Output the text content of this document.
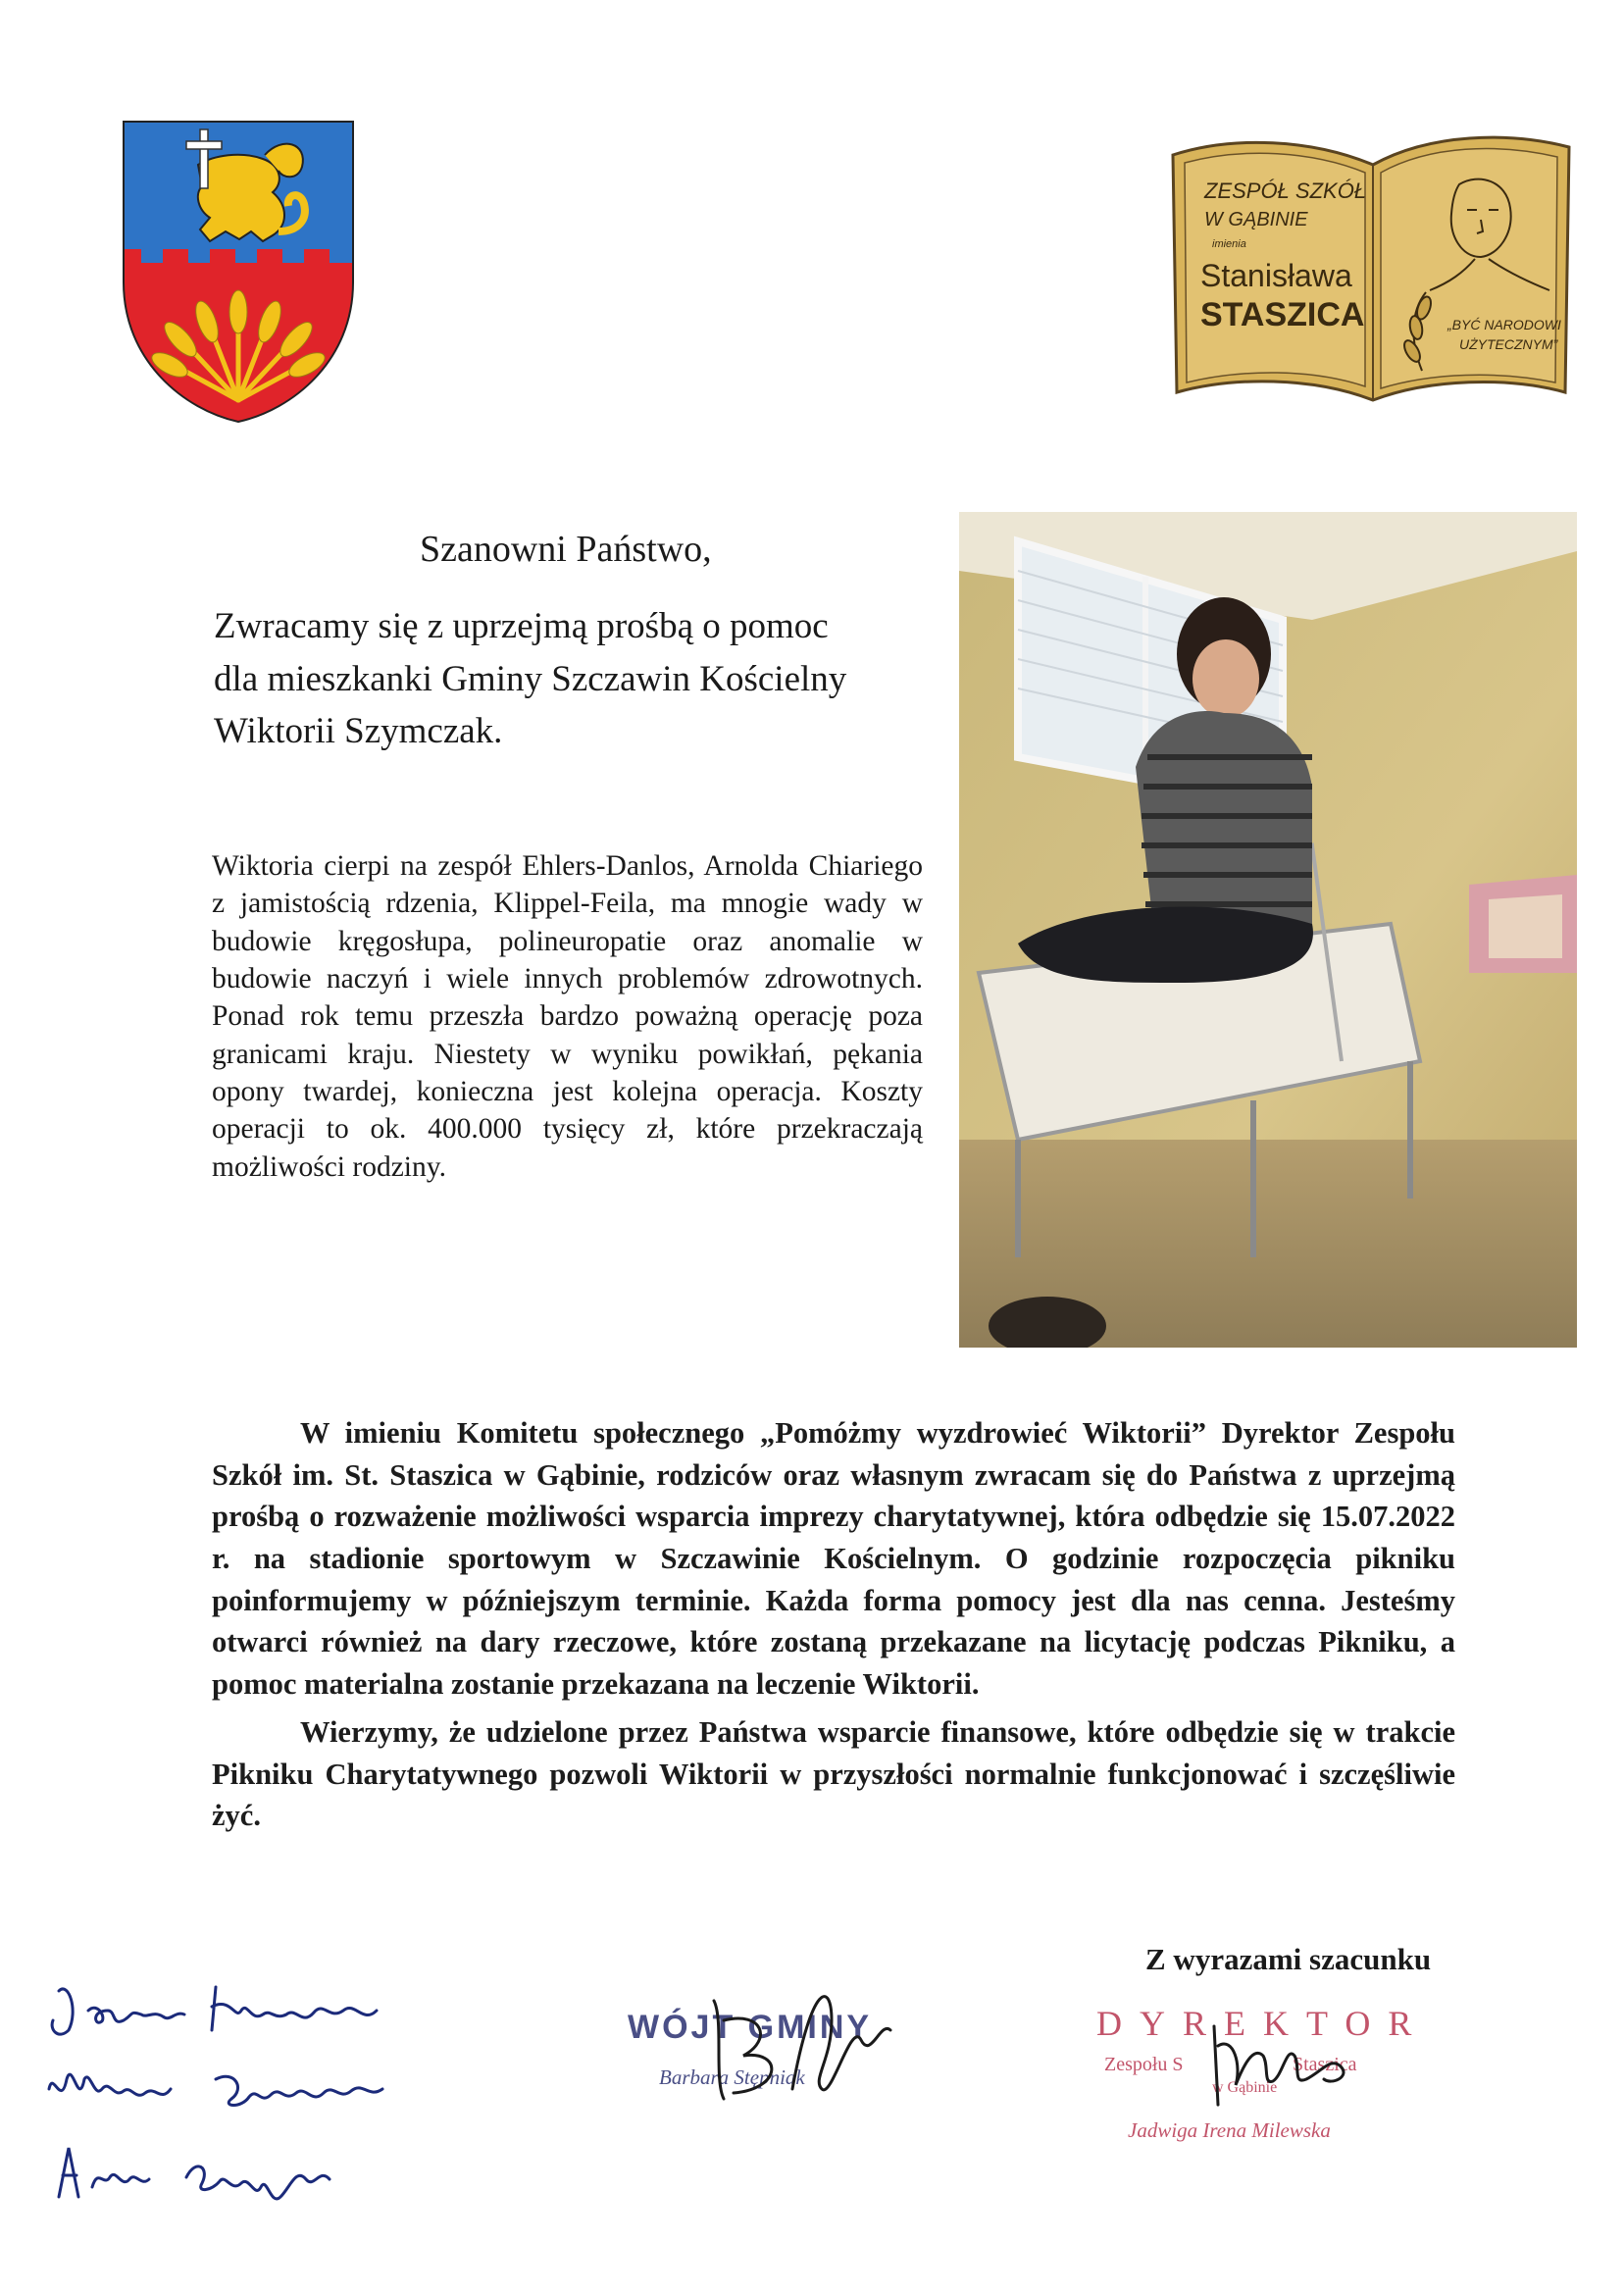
ZESPÓŁ SZKÓŁ
W GĄBINIE
imienia
Stanisława
STASZICA	„BYĆ NARODOWI
UŻYTECZNYM”
Szanowni Państwo,
Zwracamy się z uprzejmą prośbą o pomoc
dla mieszkanki Gminy Szczawin Kościelny
Wiktorii Szymczak.
Wiktoria cierpi na zespół Ehlers-Danlos, Arnolda Chiariego z jamistością rdzenia, Klippel-Feila, ma mnogie wady w budowie kręgosłupa, polineuropatie oraz anomalie w budowie naczyń i wiele innych problemów zdrowotnych. Ponad rok temu przeszła bardzo poważną operację poza granicami kraju. Niestety w wyniku powikłań, pękania opony twardej, konieczna jest kolejna operacja. Koszty operacji to ok. 400.000 tysięcy zł, które przekraczają możliwości rodziny.

W imieniu Komitetu społecznego „Pomóżmy wyzdrowieć Wiktorii” Dyrektor Zespołu Szkół im. St. Staszica w Gąbinie, rodziców oraz własnym zwracam się do Państwa z uprzejmą prośbą o rozważenie możliwości wsparcia imprezy charytatywnej, która odbędzie się 15.07.2022 r. na stadionie sportowym w Szczawinie Kościelnym. O godzinie rozpoczęcia pikniku poinformujemy w późniejszym terminie. Każda forma pomocy jest dla nas cenna. Jesteśmy otwarci również na dary rzeczowe, które zostaną przekazane na licytację podczas Pikniku, a pomoc materialna zostanie przekazana na leczenie Wiktorii.

Wierzymy, że udzielone przez Państwa wsparcie finansowe, które odbędzie się w trakcie Pikniku Charytatywnego pozwoli Wiktorii w przyszłości normalnie funkcjonować i szczęśliwie żyć.

Z wyrazami szacunku
WÓJT GMINY
Barbara Stępniak
DYREKTOR
Zespołu S	Staszica
w Gąbinie
Jadwiga Irena Milewska
